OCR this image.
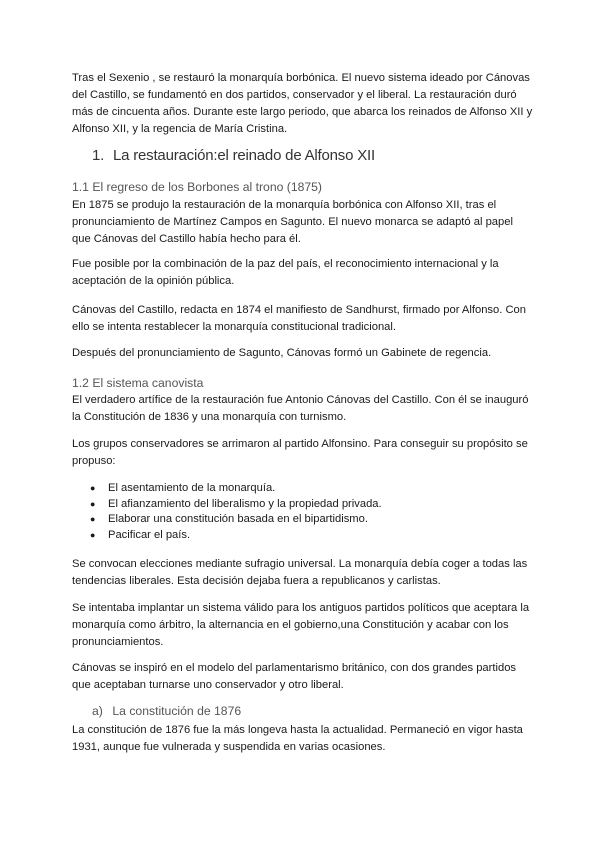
Tras el Sexenio , se restauró la monarquía borbónica. El nuevo sistema ideado por Cánovas del Castillo, se fundamentó en dos partidos, conservador y el liberal. La restauración duró más de cincuenta años. Durante este largo periodo, que abarca los reinados de Alfonso XII y Alfonso XII, y la regencia de María Cristina.

1. La restauración:el reinado de Alfonso XII
1.1 El regreso de los Borbones al trono (1875)

En 1875 se produjo la restauración de la monarquía borbónica con Alfonso XII, tras el pronunciamiento de Martínez Campos en Sagunto. El nuevo monarca se adaptó al papel que Cánovas del Castillo había hecho para él.

Fue posible por la combinación de la paz del país, el reconocimiento internacional y la aceptación de la opinión pública.

Cánovas del Castillo, redacta en 1874 el manifiesto de Sandhurst, firmado por Alfonso. Con ello se intenta restablecer la monarquía constitucional tradicional.

Después del pronunciamiento de Sagunto, Cánovas formó un Gabinete de regencia.

1.2 El sistema canovista

El verdadero artífice de la restauración fue Antonio Cánovas del Castillo. Con él se inauguró la Constitución de 1836 y una monarquía con turnismo.

Los grupos conservadores se arrimaron al partido Alfonsino. Para conseguir su propósito se propuso:

● El asentamiento de la monarquía.
● El afianzamiento del liberalismo y la propiedad privada.
● Elaborar una constitución basada en el bipartidismo.
● Pacificar el país.

Se convocan elecciones mediante sufragio universal. La monarquía debía coger a todas las tendencias liberales. Esta decisión dejaba fuera a republicanos y carlistas.

Se intentaba implantar un sistema válido para los antiguos partidos políticos que aceptara la monarquía como árbitro, la alternancia en el gobierno,una Constitución y acabar con los pronunciamientos.

Cánovas se inspiró en el modelo del parlamentarismo británico, con dos grandes partidos que aceptaban turnarse uno conservador y otro liberal.

a) La constitución de 1876

La constitución de 1876 fue la más longeva hasta la actualidad. Permaneció en vigor hasta 1931, aunque fue vulnerada y suspendida en varias ocasiones.
